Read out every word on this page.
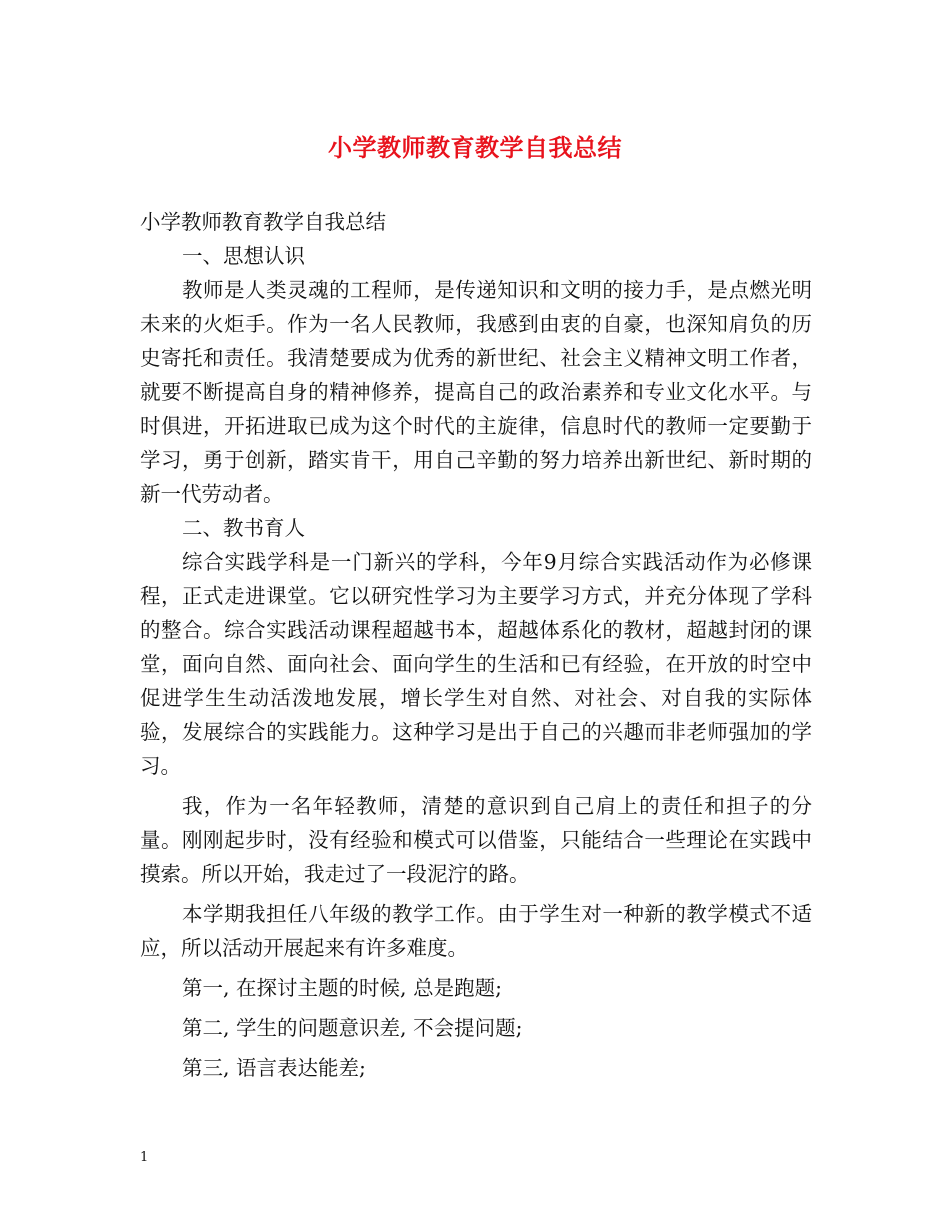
小学教师教育教学自我总结

小学教师教育教学自我总结

一、思想认识

教师是人类灵魂的工程师，是传递知识和文明的接力手，是点燃光明未来的火炬手。作为一名人民教师，我感到由衷的自豪，也深知肩负的历史寄托和责任。我清楚要成为优秀的新世纪、社会主义精神文明工作者，就要不断提高自身的精神修养，提高自己的政治素养和专业文化水平。与时俱进，开拓进取已成为这个时代的主旋律，信息时代的教师一定要勤于学习，勇于创新，踏实肯干，用自己辛勤的努力培养出新世纪、新时期的新一代劳动者。

二、教书育人

综合实践学科是一门新兴的学科，今年9月综合实践活动作为必修课程，正式走进课堂。它以研究性学习为主要学习方式，并充分体现了学科的整合。综合实践活动课程超越书本，超越体系化的教材，超越封闭的课堂，面向自然、面向社会、面向学生的生活和已有经验，在开放的时空中促进学生生动活泼地发展，增长学生对自然、对社会、对自我的实际体验，发展综合的实践能力。这种学习是出于自己的兴趣而非老师强加的学习。

我，作为一名年轻教师，清楚的意识到自己肩上的责任和担子的分量。刚刚起步时，没有经验和模式可以借鉴，只能结合一些理论在实践中摸索。所以开始，我走过了一段泥泞的路。

本学期我担任八年级的教学工作。由于学生对一种新的教学模式不适应，所以活动开展起来有许多难度。

第一, 在探讨主题的时候, 总是跑题;

第二, 学生的问题意识差, 不会提问题;

第三, 语言表达能差;

1
